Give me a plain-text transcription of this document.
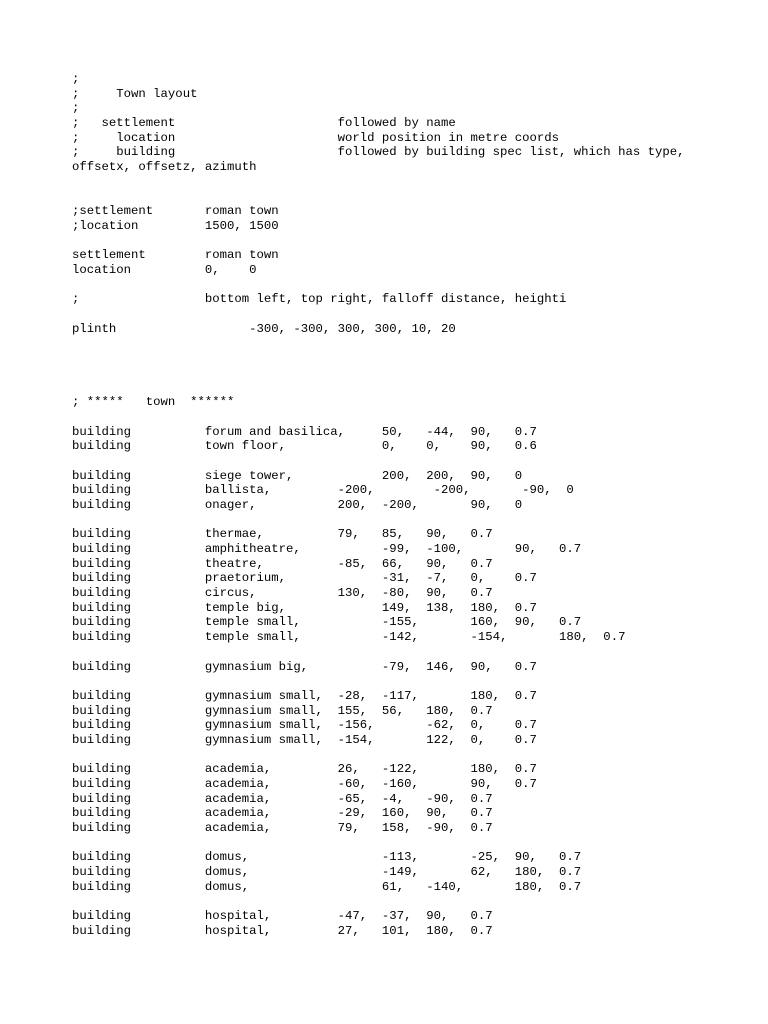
;
;     Town layout
;
;   settlement                      followed by name
;     location                      world position in metre coords
;     building                      followed by building spec list, which has type,
offsetx, offsetz, azimuth
;settlement       roman town
;location         1500, 1500
settlement        roman town
location          0,    0
;                 bottom left, top right, falloff distance, heighti
plinth                  -300, -300, 300, 300, 10, 20
; *****   town  ******
building          forum and basilica,     50,   -44,  90,   0.7
building          town floor,             0,    0,    90,   0.6
building          siege tower,            200,  200,  90,   0
building          ballista,         -200,        -200,       -90,  0
building          onager,           200,  -200,       90,   0
building          thermae,          79,   85,   90,   0.7
building          amphitheatre,           -99,  -100,       90,   0.7
building          theatre,          -85,  66,   90,   0.7
building          praetorium,             -31,  -7,   0,    0.7
building          circus,           130,  -80,  90,   0.7
building          temple big,             149,  138,  180,  0.7
building          temple small,           -155,       160,  90,   0.7
building          temple small,           -142,       -154,       180,  0.7
building          gymnasium big,          -79,  146,  90,   0.7
building          gymnasium small,  -28,  -117,       180,  0.7
building          gymnasium small,  155,  56,   180,  0.7
building          gymnasium small,  -156,       -62,  0,    0.7
building          gymnasium small,  -154,       122,  0,    0.7
building          academia,         26,   -122,       180,  0.7
building          academia,         -60,  -160,       90,   0.7
building          academia,         -65,  -4,   -90,  0.7
building          academia,         -29,  160,  90,   0.7
building          academia,         79,   158,  -90,  0.7
building          domus,                  -113,       -25,  90,   0.7
building          domus,                  -149,       62,   180,  0.7
building          domus,                  61,   -140,       180,  0.7
building          hospital,         -47,  -37,  90,   0.7
building          hospital,         27,   101,  180,  0.7
